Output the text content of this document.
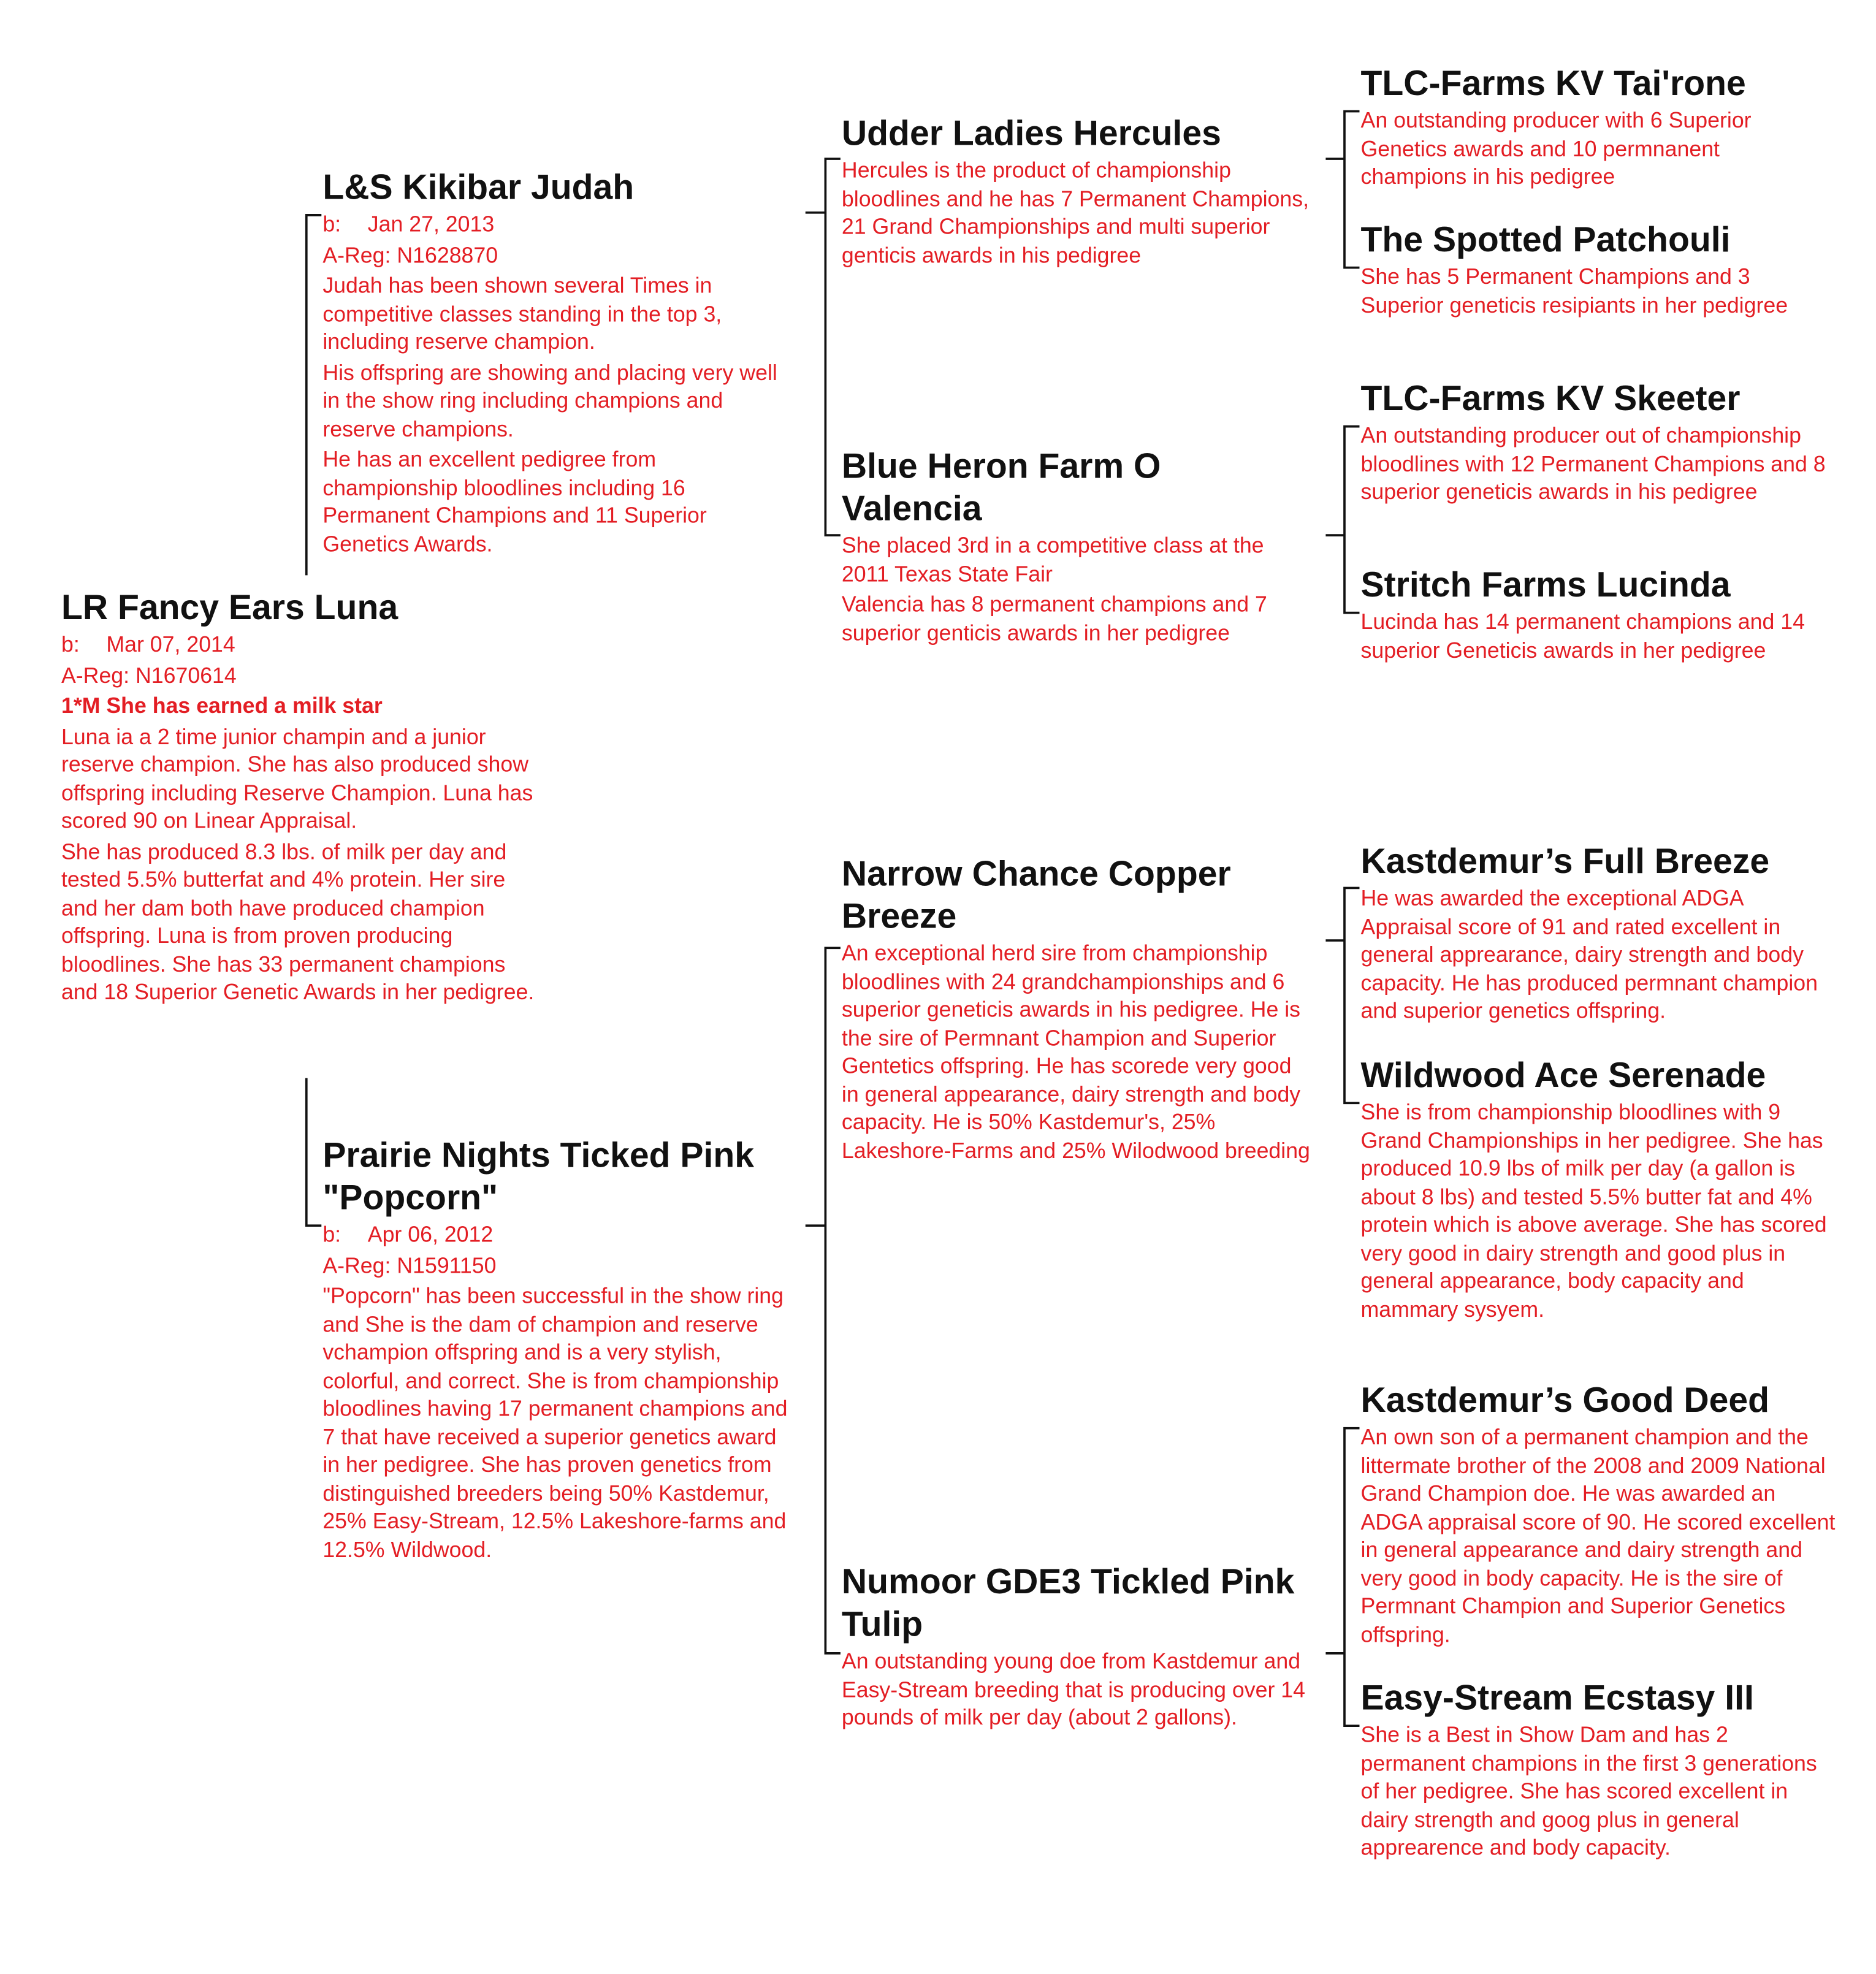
LR Fancy Ears Luna
b: Mar 07, 2014
A-Reg: N1670614
1*M She has earned a milk star
Luna ia a 2 time junior champin and a junior reserve champion. She has also produced show offspring including Reserve Champion. Luna has scored 90 on Linear Appraisal.
She has produced 8.3 lbs. of milk per day and tested 5.5% butterfat and 4% protein. Her sire and her dam both have produced champion offspring. Luna is from proven producing bloodlines. She has 33 permanent champions and 18 Superior Genetic Awards in her pedigree.
L&S Kikibar Judah
b: Jan 27, 2013
A-Reg: N1628870
Judah has been shown several Times in competitive classes standing in the top 3, including reserve champion.
His offspring are showing and placing very well in the show ring including champions and reserve champions.
He has an excellent pedigree from championship bloodlines including 16 Permanent Champions and 11 Superior Genetics Awards.
Prairie Nights Ticked Pink "Popcorn"
b: Apr 06, 2012
A-Reg: N1591150
"Popcorn" has been successful in the show ring and She is the dam of champion and reserve vchampion offspring and is a very stylish, colorful, and correct. She is from championship bloodlines having 17 permanent champions and 7 that have received a superior genetics award in her pedigree. She has proven genetics from distinguished breeders being 50% Kastdemur, 25% Easy-Stream, 12.5% Lakeshore-farms and 12.5% Wildwood.
Udder Ladies Hercules
Hercules is the product of championship bloodlines and he has 7 Permanent Champions, 21 Grand Championships and multi superior genticis awards in his pedigree
Blue Heron Farm O Valencia
She placed 3rd in a competitive class at the 2011 Texas State Fair
Valencia has 8 permanent champions and 7 superior genticis awards in her pedigree
Narrow Chance Copper Breeze
An exceptional herd sire from championship bloodlines with 24 grandchampionships and 6 superior geneticis awards in his pedigree. He is the sire of Permnant Champion and Superior Gentetics offspring. He has scorede very good in general appearance, dairy strength and body capacity. He is 50% Kastdemur's, 25% Lakeshore-Farms and 25% Wilodwood breeding
Numoor GDE3 Tickled Pink Tulip
An outstanding young doe from Kastdemur and Easy-Stream breeding that is producing over 14 pounds of milk per day (about 2 gallons).
TLC-Farms KV Tai'rone
An outstanding producer with 6 Superior Genetics awards and 10 permnanent champions in his pedigree
The Spotted Patchouli
She has 5 Permanent Champions and 3 Superior geneticis resipiants in her pedigree
TLC-Farms KV Skeeter
An outstanding producer out of championship bloodlines with 12 Permanent Champions and 8 superior geneticis awards in his pedigree
Stritch Farms Lucinda
Lucinda has 14 permanent champions and 14 superior Geneticis awards in her pedigree
Kastdemur’s Full Breeze
He was awarded the exceptional ADGA Appraisal score of 91 and rated excellent in general apprearance, dairy strength and body capacity. He has produced permnant champion and superior genetics offspring.
Wildwood Ace Serenade
She is from championship bloodlines with 9 Grand Championships in her pedigree. She has produced 10.9 lbs of milk per day (a gallon is about 8 lbs) and tested 5.5% butter fat and 4% protein which is above average. She has scored very good in dairy strength and good plus in general appearance, body capacity and mammary sysyem.
Kastdemur’s Good Deed
An own son of a permanent champion and the littermate brother of the 2008 and 2009 National Grand Champion doe. He was awarded an ADGA appraisal score of 90. He scored excellent in general appearance and dairy strength and very good in body capacity. He is the sire of Permnant Champion and Superior Genetics offspring.
Easy-Stream Ecstasy III
She is a Best in Show Dam and has 2 permanent champions in the first 3 generations of her pedigree. She has scored excellent in dairy strength and goog plus in general apprearence and body capacity.
